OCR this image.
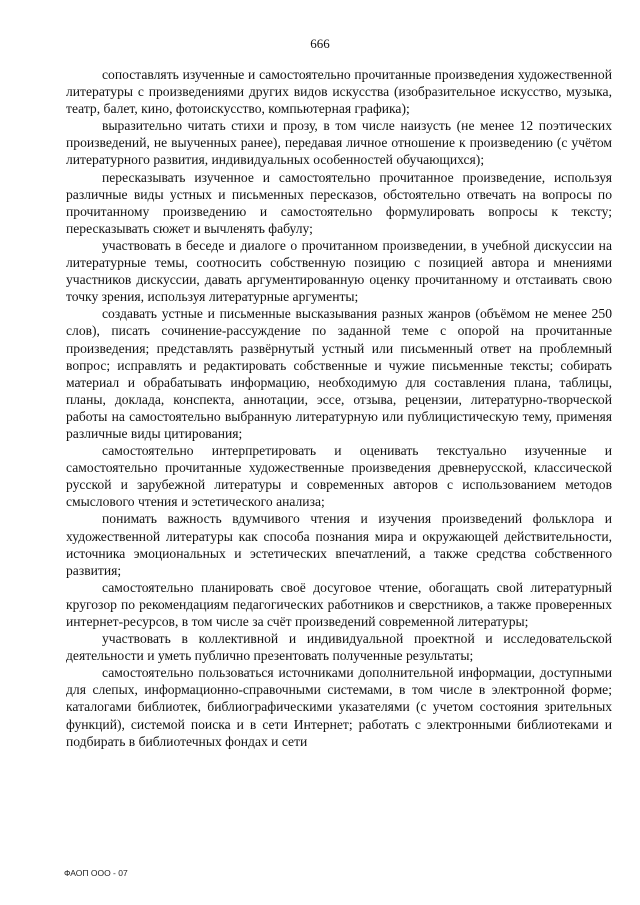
666

сопоставлять изученные и самостоятельно прочитанные произведения художественной литературы с произведениями других видов искусства (изобразительное искусство, музыка, театр, балет, кино, фотоискусство, компьютерная графика);

выразительно читать стихи и прозу, в том числе наизусть (не менее 12 поэтических произведений, не выученных ранее), передавая личное отношение к произведению (с учётом литературного развития, индивидуальных особенностей обучающихся);

пересказывать изученное и самостоятельно прочитанное произведение, используя различные виды устных и письменных пересказов, обстоятельно отвечать на вопросы по прочитанному произведению и самостоятельно формулировать вопросы к тексту; пересказывать сюжет и вычленять фабулу;

участвовать в беседе и диалоге о прочитанном произведении, в учебной дискуссии на литературные темы, соотносить собственную позицию с позицией автора и мнениями участников дискуссии, давать аргументированную оценку прочитанному и отстаивать свою точку зрения, используя литературные аргументы;

создавать устные и письменные высказывания разных жанров (объёмом не менее 250 слов), писать сочинение-рассуждение по заданной теме с опорой на прочитанные произведения; представлять развёрнутый устный или письменный ответ на проблемный вопрос; исправлять и редактировать собственные и чужие письменные тексты; собирать материал и обрабатывать информацию, необходимую для составления плана, таблицы, планы, доклада, конспекта, аннотации, эссе, отзыва, рецензии, литературно-творческой работы на самостоятельно выбранную литературную или публицистическую тему, применяя различные виды цитирования;

самостоятельно интерпретировать и оценивать текстуально изученные и самостоятельно прочитанные художественные произведения древнерусской, классической русской и зарубежной литературы и современных авторов с использованием методов смыслового чтения и эстетического анализа;

понимать важность вдумчивого чтения и изучения произведений фольклора и художественной литературы как способа познания мира и окружающей действительности, источника эмоциональных и эстетических впечатлений, а также средства собственного развития;

самостоятельно планировать своё досуговое чтение, обогащать свой литературный кругозор по рекомендациям педагогических работников и сверстников, а также проверенных интернет-ресурсов, в том числе за счёт произведений современной литературы;

участвовать в коллективной и индивидуальной проектной и исследовательской деятельности и уметь публично презентовать полученные результаты;

самостоятельно пользоваться источниками дополнительной информации, доступными для слепых, информационно-справочными системами, в том числе в электронной форме; каталогами библиотек, библиографическими указателями (с учетом состояния зрительных функций), системой поиска и в сети Интернет; работать с электронными библиотеками и подбирать в библиотечных фондах и сети

ФАОП ООО - 07
